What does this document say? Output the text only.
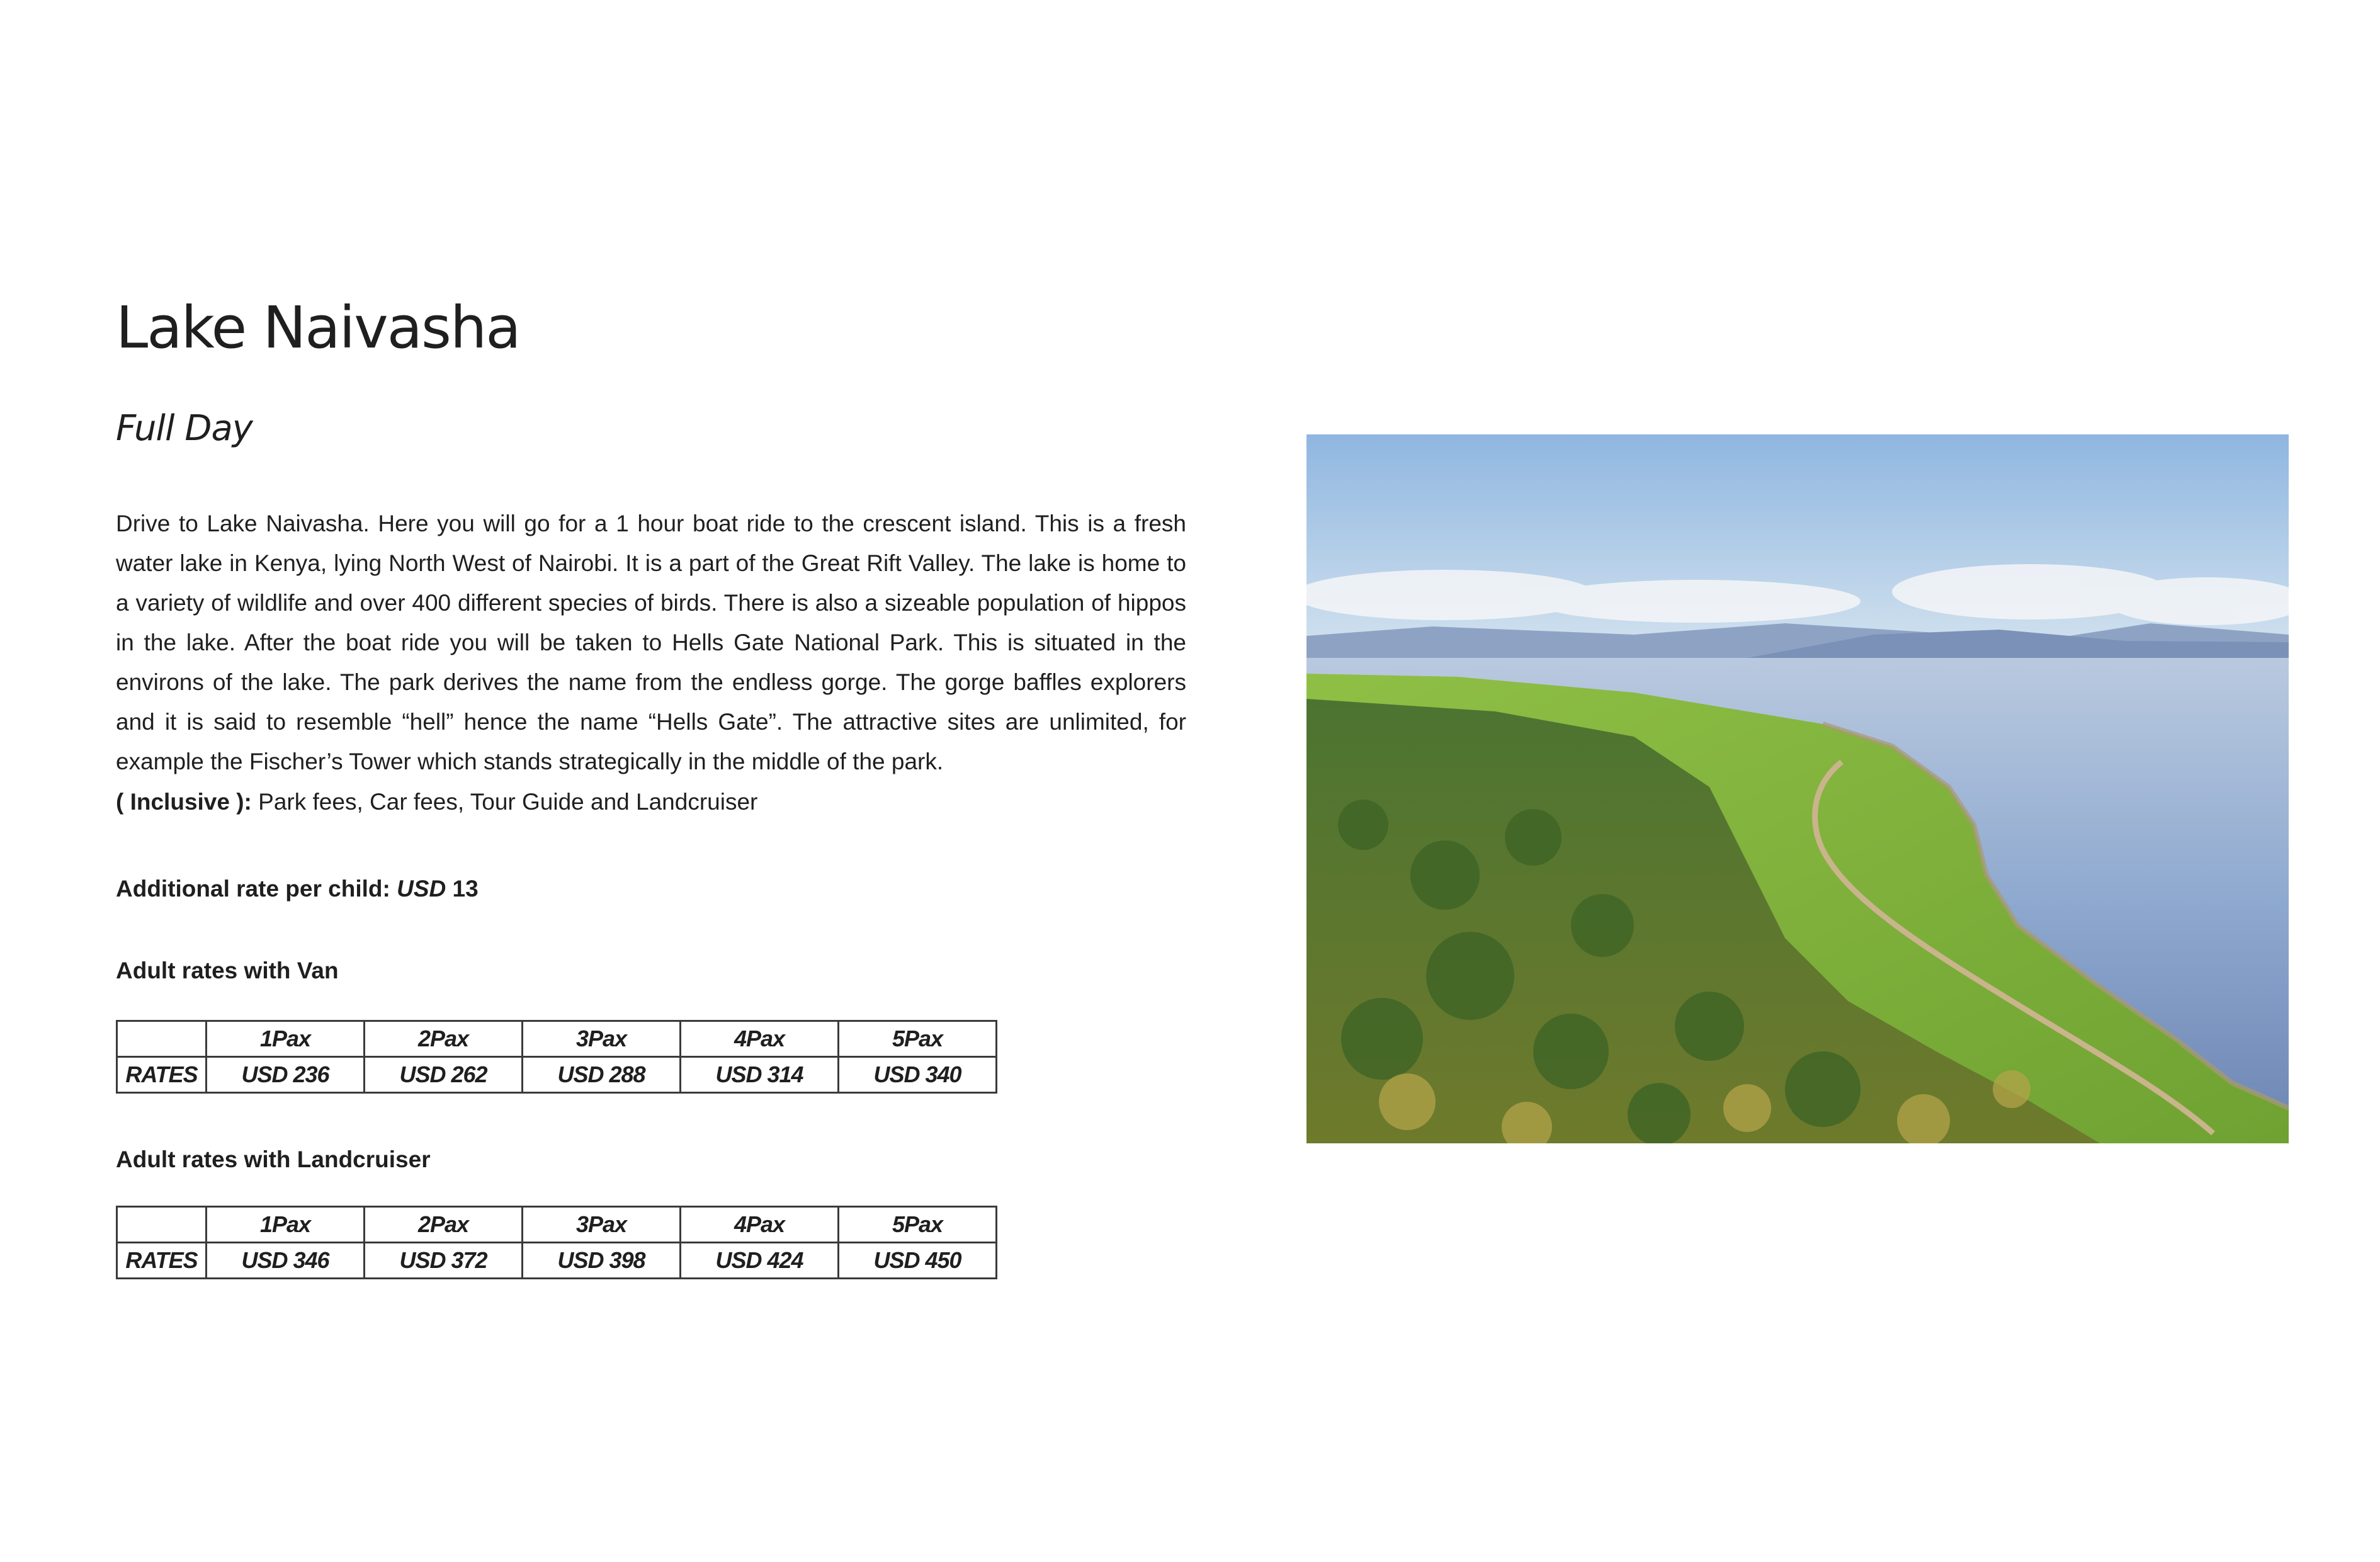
Lake Naivasha
Full Day

Drive to Lake Naivasha. Here you will go for a 1 hour boat ride to the crescent island. This is a fresh water lake in Kenya, lying North West of Nairobi. It is a part of the Great Rift Valley. The lake is home to a variety of wildlife and over 400 different species of birds. There is also a sizeable population of hippos in the lake. After the boat ride you will be taken to Hells Gate National Park. This is situated in the environs of the lake. The park derives the name from the endless gorge. The gorge baffles explorers and it is said to resemble “hell” hence the name “Hells Gate”. The attractive sites are unlimited, for example the Fischer’s Tower which stands strategically in the middle of the park.

( Inclusive ): Park fees, Car fees, Tour Guide and Landcruiser

Additional rate per child: USD 13

Adult rates with Van

	1Pax	2Pax	3Pax	4Pax	5Pax
RATES	USD 236	USD 262	USD 288	USD 314	USD 340

Adult rates with Landcruiser

	1Pax	2Pax	3Pax	4Pax	5Pax
RATES	USD 346	USD 372	USD 398	USD 424	USD 450
